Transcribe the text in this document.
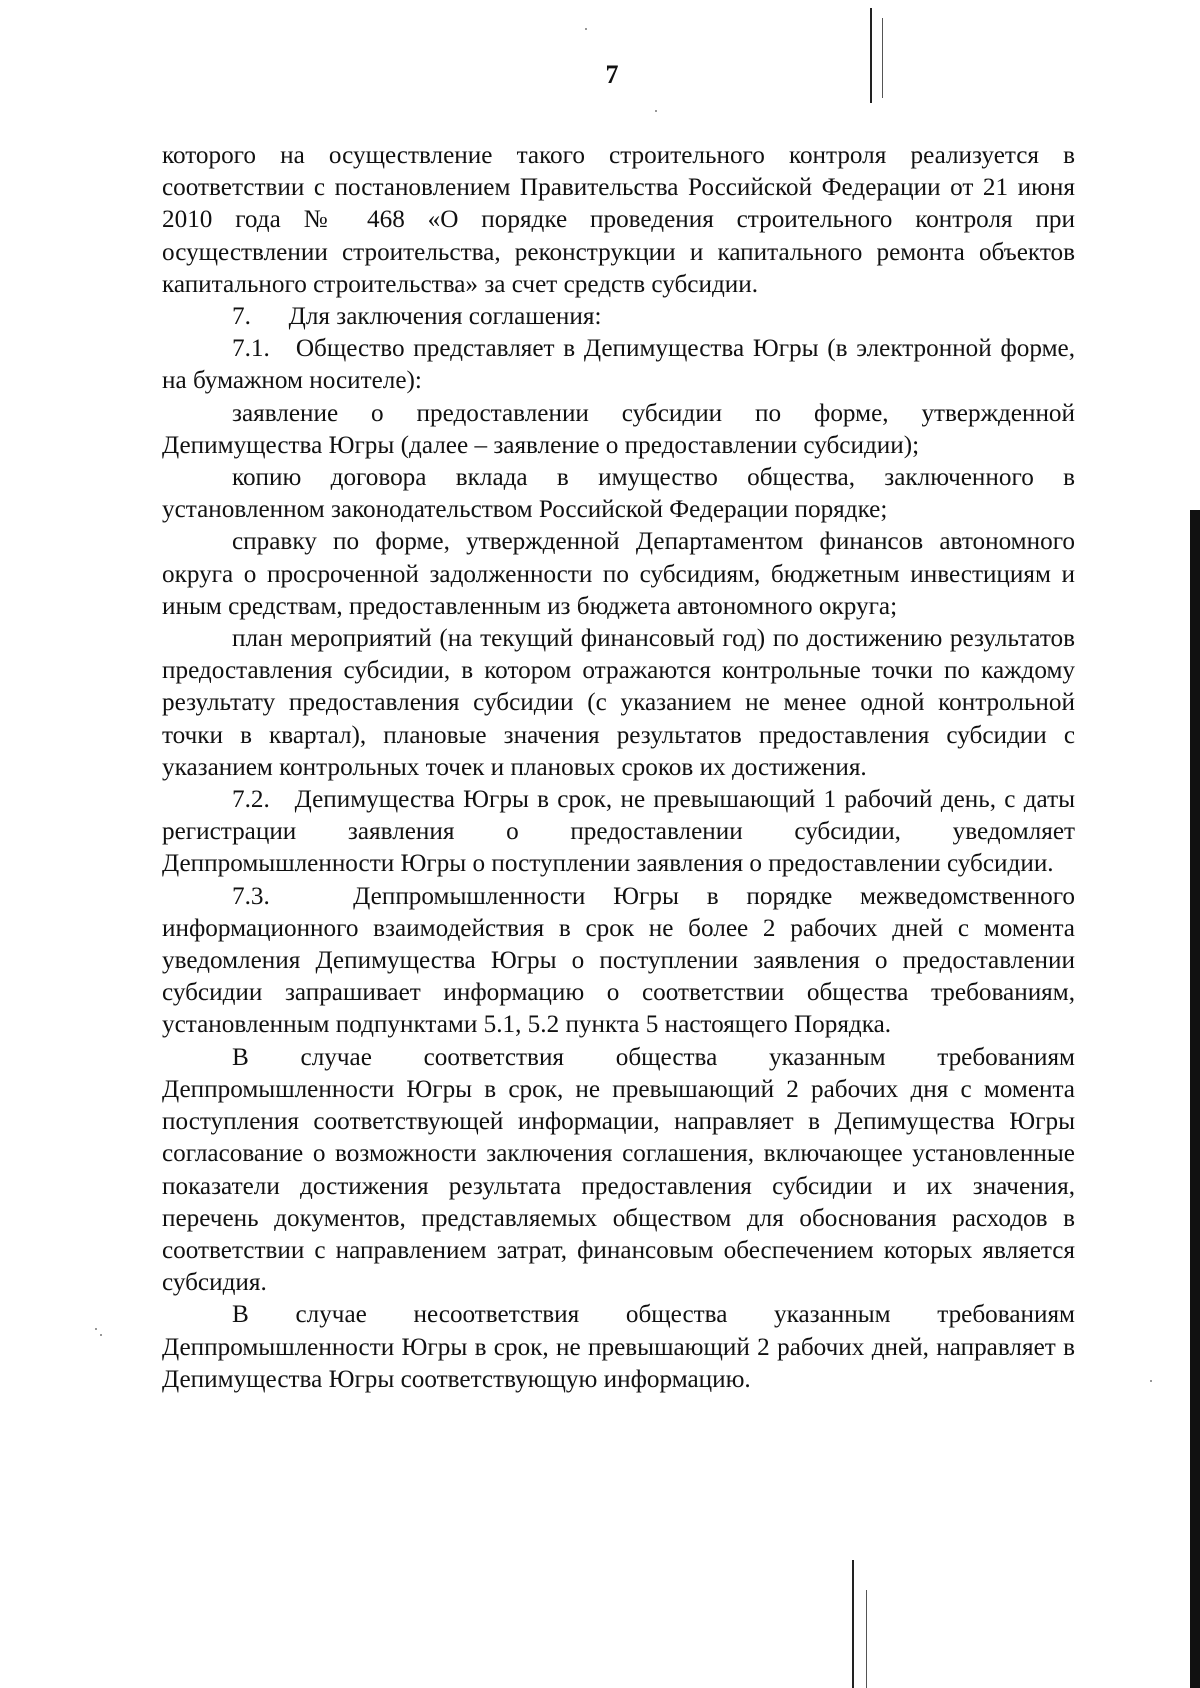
7

которого на осуществление такого строительного контроля реализуется в соответствии с постановлением Правительства Российской Федерации от 21 июня 2010 года № 468 «О порядке проведения строительного контроля при осуществлении строительства, реконструкции и капитального ремонта объектов капитального строительства» за счет средств субсидии.

7.      Для заключения соглашения:

7.1.   Общество представляет в Депимущества Югры (в электронной форме, на бумажном носителе):

заявление о предоставлении субсидии по форме, утвержденной Депимущества Югры (далее – заявление о предоставлении субсидии);

копию договора вклада в имущество общества, заключенного в установленном законодательством Российской Федерации порядке;

справку по форме, утвержденной Департаментом финансов автономного округа о просроченной задолженности по субсидиям, бюджетным инвестициям и иным средствам, предоставленным из бюджета автономного округа;

план мероприятий (на текущий финансовый год) по достижению результатов предоставления субсидии, в котором отражаются контрольные точки по каждому результату предоставления субсидии (с указанием не менее одной контрольной точки в квартал), плановые значения результатов предоставления субсидии с указанием контрольных точек и плановых сроков их достижения.

7.2.   Депимущества Югры в срок, не превышающий 1 рабочий день, с даты регистрации заявления о предоставлении субсидии, уведомляет Деппромышленности Югры о поступлении заявления о предоставлении субсидии.

7.3.   Деппромышленности Югры в порядке межведомственного информационного взаимодействия в срок не более 2 рабочих дней с момента уведомления Депимущества Югры о поступлении заявления о предоставлении субсидии запрашивает информацию о соответствии общества требованиям, установленным подпунктами 5.1, 5.2 пункта 5 настоящего Порядка.

В случае соответствия общества указанным требованиям Деппромышленности Югры в срок, не превышающий 2 рабочих дня с момента поступления соответствующей информации, направляет в Депимущества Югры согласование о возможности заключения соглашения, включающее установленные показатели достижения результата предоставления субсидии и их значения, перечень документов, представляемых обществом для обоснования расходов в соответствии с направлением затрат, финансовым обеспечением которых является субсидия.

В случае несоответствия общества указанным требованиям Деппромышленности Югры в срок, не превышающий 2 рабочих дней, направляет в Депимущества Югры соответствующую информацию.
